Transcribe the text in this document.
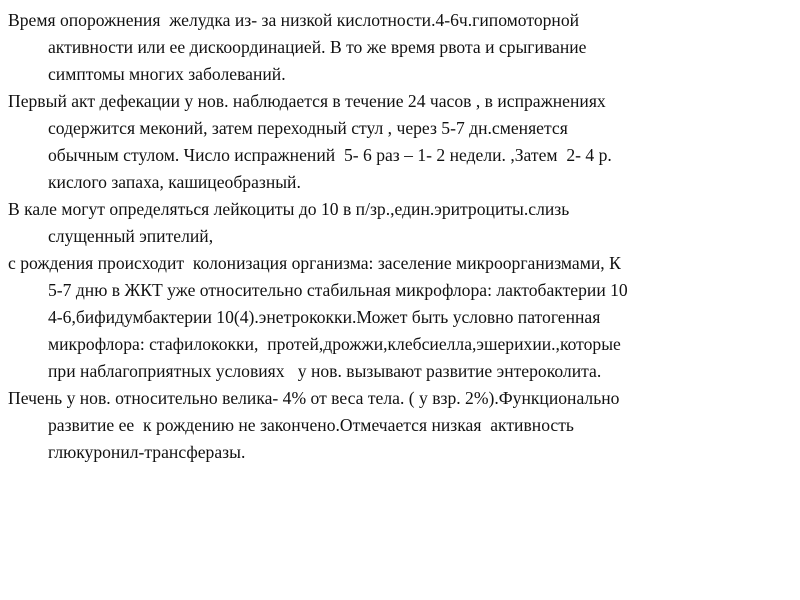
Время опорожнения  желудка из- за низкой кислотности.4-6ч.гипомоторной
активности или ее дискоординацией. В то же время рвота и срыгивание
симптомы многих заболеваний.

Первый акт дефекации у нов. наблюдается в течение 24 часов , в испражнениях
содержится меконий, затем переходный стул , через 5-7 дн.сменяется
обычным стулом. Число испражнений  5- 6 раз – 1- 2 недели. ,Затем  2- 4 р.
кислого запаха, кашицеобразный.

В кале могут определяться лейкоциты до 10 в п/зр.,един.эритроциты.слизь
слущенный эпителий,

с рождения происходит  колонизация организма: заселение микроорганизмами, К
5-7 дню в ЖКТ уже относительно стабильная микрофлора: лактобактерии 10
4-6,бифидумбактерии 10(4).энетрококки.Может быть условно патогенная
микрофлора: стафилококки,  протей,дрожжи,клебсиелла,эшерихии.,которые
при наблагоприятных условиях   у нов. вызывают развитие энтероколита.

Печень у нов. относительно велика- 4% от веса тела. ( у взр. 2%).Функционально
развитие ее  к рождению не закончено.Отмечается низкая  активность
глюкуронил-трансферазы.
